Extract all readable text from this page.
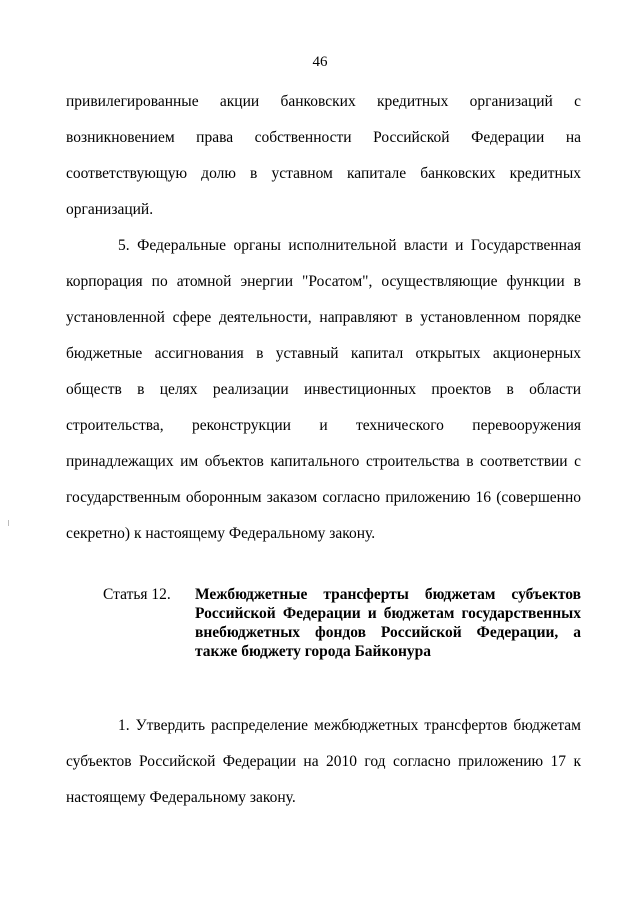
46

привилегированные акции банковских кредитных организаций с возникновением права собственности Российской Федерации на соответствующую долю в уставном капитале банковских кредитных организаций.

5. Федеральные органы исполнительной власти и Государственная корпорация по атомной энергии "Росатом", осуществляющие функции в установленной сфере деятельности, направляют в установленном порядке бюджетные ассигнования в уставный капитал открытых акционерных обществ в целях реализации инвестиционных проектов в области строительства, реконструкции и технического перевооружения принадлежащих им объектов капитального строительства в соответствии с государственным оборонным заказом согласно приложению 16 (совершенно секретно) к настоящему Федеральному закону.

Статья 12.	Межбюджетные трансферты бюджетам субъектов Российской Федерации и бюджетам государственных внебюджетных фондов Российской Федерации, а также бюджету города Байконура

1. Утвердить распределение межбюджетных трансфертов бюджетам субъектов Российской Федерации на 2010 год согласно приложению 17 к настоящему Федеральному закону.
